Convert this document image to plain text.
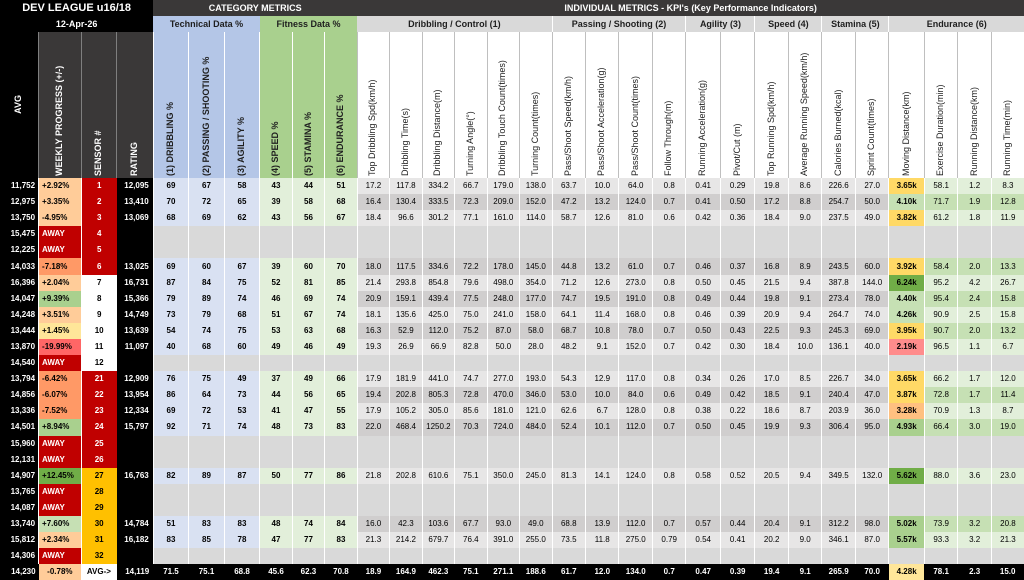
DEV LEAGUE u16/18				CATEGORY METRICS						INDIVIDUAL METRICS - KPI's (Key Performance Indicators)																			
12-Apr-26				Technical Data %			Fitness Data %			Dribbling / Control (1)						Passing / Shooting (2)				Agility (3)		Speed (4)		Stamina (5)		Endurance (6)			
AVG	WEEKLY PROGRESS (+/-)	SENSOR #	RATING	(1) DRIBBLING %	(2) PASSING / SHOOTING %	(3) AGILITY %	(4) SPEED %	(5) STAMINA %	(6) ENDURANCE %	Top Dribbling Spd(km/h)	Dribbling Time(s)	Dribbling Distance(m)	Turning Angle(°)	Dribbling Touch Count(times)	Turning Count(times)	Pass/Shoot Speed(km/h)	Pass/Shoot Acceleration(g)	Pass/Shoot Count(times)	Follow Through(m)	Running Acceleration(g)	Pivot/Cut (m)	Top Running Spd(km/h)	Average Running Speed(km/h)	Calories Burned(kcal)	Sprint Count(times)	Moving Distance(km)	Exercise Duration(min)	Running Distance(km)	Running Time(min)
11,752	+2.92%	1	12,095	69	67	58	43	44	51	17.2	117.8	334.2	66.7	179.0	138.0	63.7	10.0	64.0	0.8	0.41	0.29	19.8	8.6	226.6	27.0	3.65k	58.1	1.2	8.3
12,975	+3.35%	2	13,410	70	72	65	39	58	68	16.4	130.4	333.5	72.3	209.0	152.0	47.2	13.2	124.0	0.7	0.41	0.50	17.2	8.8	254.7	50.0	4.10k	71.7	1.9	12.8
13,750	-4.95%	3	13,069	68	69	62	43	56	67	18.4	96.6	301.2	77.1	161.0	114.0	58.7	12.6	81.0	0.6	0.42	0.36	18.4	9.0	237.5	49.0	3.82k	61.2	1.8	11.9
15,475	AWAY	4																											
12,225	AWAY	5																											
14,033	-7.18%	6	13,025	69	60	67	39	60	70	18.0	117.5	334.6	72.2	178.0	145.0	44.8	13.2	61.0	0.7	0.46	0.37	16.8	8.9	243.5	60.0	3.92k	58.4	2.0	13.3
16,396	+2.04%	7	16,731	87	84	75	52	81	85	21.4	293.8	854.8	79.6	498.0	354.0	71.2	12.6	273.0	0.8	0.50	0.45	21.5	9.4	387.8	144.0	6.24k	95.2	4.2	26.7
14,047	+9.39%	8	15,366	79	89	74	46	69	74	20.9	159.1	439.4	77.5	248.0	177.0	74.7	19.5	191.0	0.8	0.49	0.44	19.8	9.1	273.4	78.0	4.40k	95.4	2.4	15.8
14,248	+3.51%	9	14,749	73	79	68	51	67	74	18.1	135.6	425.0	75.0	241.0	158.0	64.1	11.4	168.0	0.8	0.46	0.39	20.9	9.4	264.7	74.0	4.26k	90.9	2.5	15.8
13,444	+1.45%	10	13,639	54	74	75	53	63	68	16.3	52.9	112.0	75.2	87.0	58.0	68.7	10.8	78.0	0.7	0.50	0.43	22.5	9.3	245.3	69.0	3.95k	90.7	2.0	13.2
13,870	-19.99%	11	11,097	40	68	60	49	46	49	19.3	26.9	66.9	82.8	50.0	28.0	48.2	9.1	152.0	0.7	0.42	0.30	18.4	10.0	136.1	40.0	2.19k	96.5	1.1	6.7
14,540	AWAY	12																											
13,794	-6.42%	21	12,909	76	75	49	37	49	66	17.9	181.9	441.0	74.7	277.0	193.0	54.3	12.9	117.0	0.8	0.34	0.26	17.0	8.5	226.7	34.0	3.65k	66.2	1.7	12.0
14,856	-6.07%	22	13,954	86	64	73	44	56	65	19.4	202.8	805.3	72.8	470.0	346.0	53.0	10.0	84.0	0.6	0.49	0.42	18.5	9.1	240.4	47.0	3.87k	72.8	1.7	11.4
13,336	-7.52%	23	12,334	69	72	53	41	47	55	17.9	105.2	305.0	85.6	181.0	121.0	62.6	6.7	128.0	0.8	0.38	0.22	18.6	8.7	203.9	36.0	3.28k	70.9	1.3	8.7
14,501	+8.94%	24	15,797	92	71	74	48	73	83	22.0	468.4	1250.2	70.3	724.0	484.0	52.4	10.1	112.0	0.7	0.50	0.45	19.9	9.3	306.4	95.0	4.93k	66.4	3.0	19.0
15,960	AWAY	25																											
12,131	AWAY	26																											
14,907	+12.45%	27	16,763	82	89	87	50	77	86	21.8	202.8	610.6	75.1	350.0	245.0	81.3	14.1	124.0	0.8	0.58	0.52	20.5	9.4	349.5	132.0	5.62k	88.0	3.6	23.0
13,765	AWAY	28																											
14,087	AWAY	29																											
13,740	+7.60%	30	14,784	51	83	83	48	74	84	16.0	42.3	103.6	67.7	93.0	49.0	68.8	13.9	112.0	0.7	0.57	0.44	20.4	9.1	312.2	98.0	5.02k	73.9	3.2	20.8
15,812	+2.34%	31	16,182	83	85	78	47	77	83	21.3	214.2	679.7	76.4	391.0	255.0	73.5	11.8	275.0	0.79	0.54	0.41	20.2	9.0	346.1	87.0	5.57k	93.3	3.2	21.3
14,306	AWAY	32																											
14,230	-0.78%	AVG->	14,119	71.5	75.1	68.8	45.6	62.3	70.8	18.9	164.9	462.3	75.1	271.1	188.6	61.7	12.0	134.0	0.7	0.47	0.39	19.4	9.1	265.9	70.0	4.28k	78.1	2.3	15.0
